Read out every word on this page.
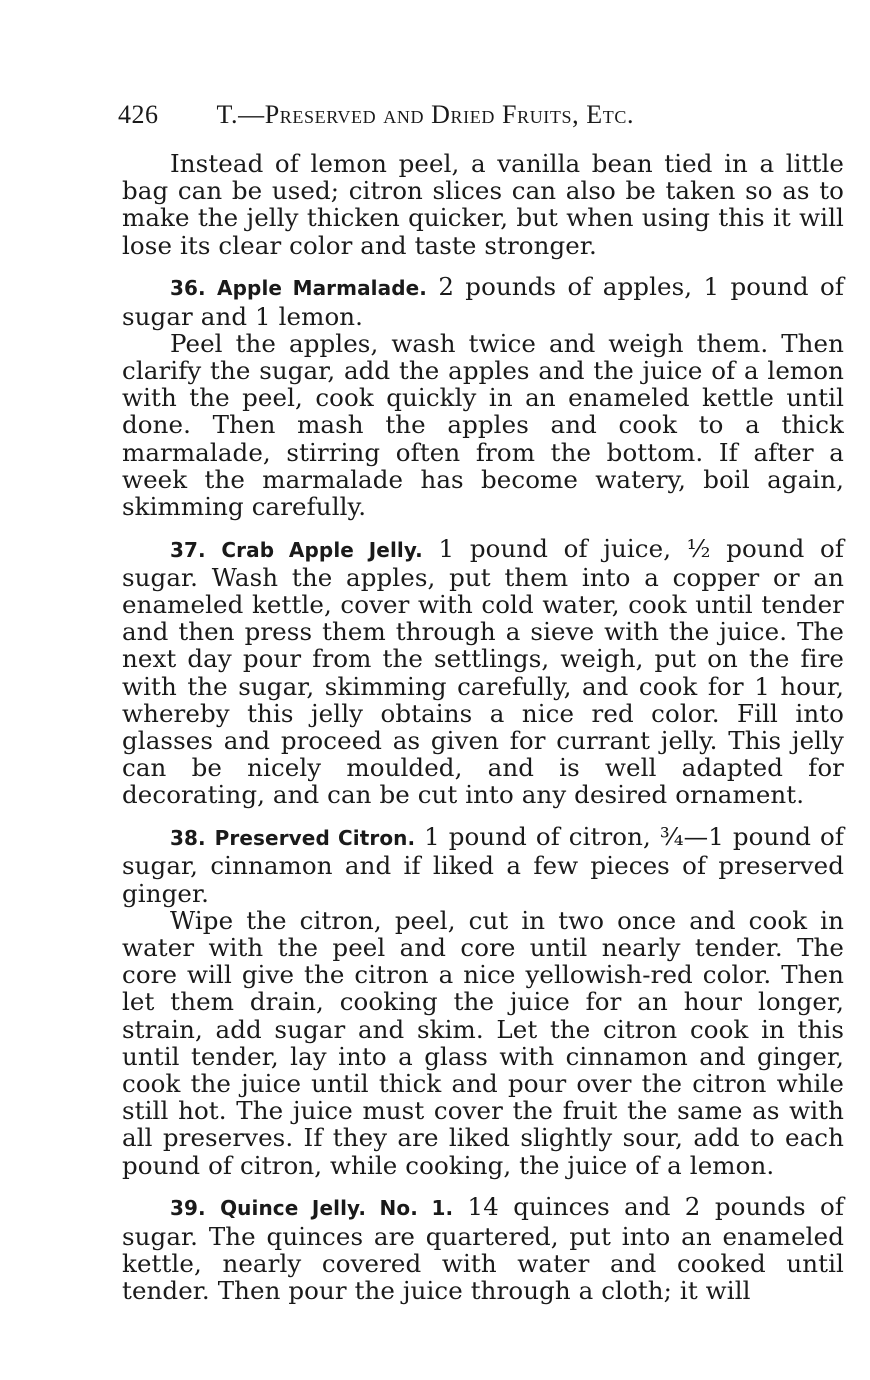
426 T.—Preserved and Dried Fruits, Etc.

Instead of lemon peel, a vanilla bean tied in a little bag can be used; citron slices can also be taken so as to make the jelly thicken quicker, but when using this it will lose its clear color and taste stronger.

36. Apple Marmalade. 2 pounds of apples, 1 pound of sugar and 1 lemon.

Peel the apples, wash twice and weigh them. Then clarify the sugar, add the apples and the juice of a lemon with the peel, cook quickly in an enameled kettle until done. Then mash the apples and cook to a thick marmalade, stirring often from the bottom. If after a week the marmalade has become watery, boil again, skimming carefully.

37. Crab Apple Jelly. 1 pound of juice, ½ pound of sugar. Wash the apples, put them into a copper or an enameled kettle, cover with cold water, cook until tender and then press them through a sieve with the juice. The next day pour from the settlings, weigh, put on the fire with the sugar, skimming carefully, and cook for 1 hour, whereby this jelly obtains a nice red color. Fill into glasses and proceed as given for currant jelly. This jelly can be nicely moulded, and is well adapted for decorating, and can be cut into any desired ornament.

38. Preserved Citron. 1 pound of citron, ¾—1 pound of sugar, cinnamon and if liked a few pieces of preserved ginger.

Wipe the citron, peel, cut in two once and cook in water with the peel and core until nearly tender. The core will give the citron a nice yellowish-red color. Then let them drain, cooking the juice for an hour longer, strain, add sugar and skim. Let the citron cook in this until tender, lay into a glass with cinnamon and ginger, cook the juice until thick and pour over the citron while still hot. The juice must cover the fruit the same as with all preserves. If they are liked slightly sour, add to each pound of citron, while cooking, the juice of a lemon.

39. Quince Jelly. No. 1. 14 quinces and 2 pounds of sugar. The quinces are quartered, put into an enameled kettle, nearly covered with water and cooked until tender. Then pour the juice through a cloth; it will
